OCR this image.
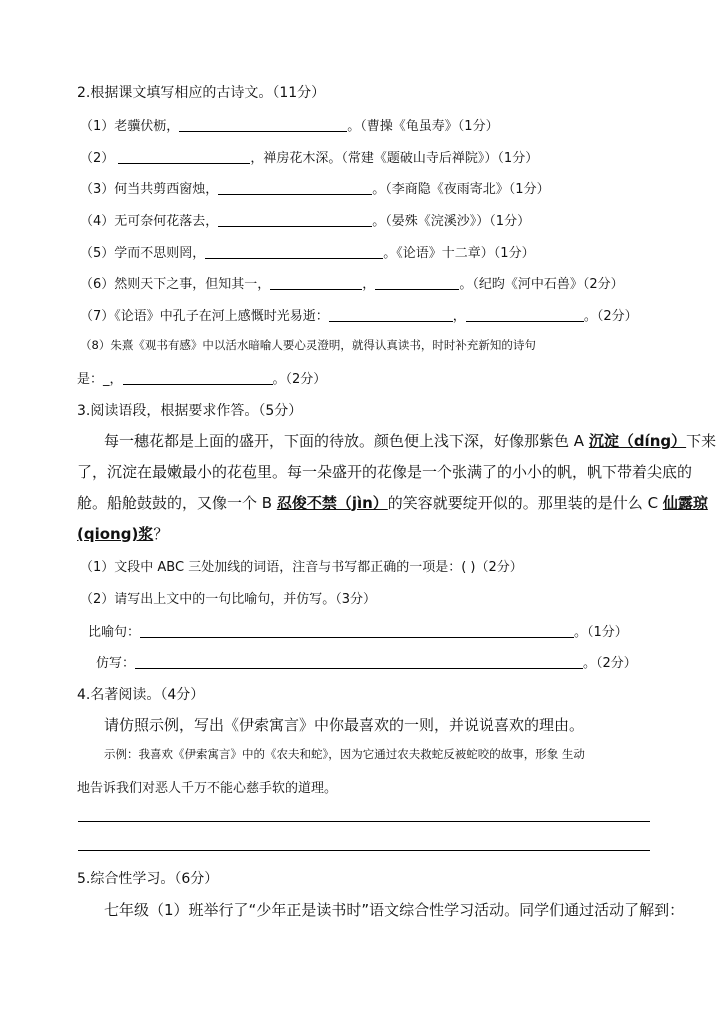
2.根据课文填写相应的古诗文。（11分）
（1）老骥伏枥，	。（曹操《龟虽寿》（1分）
（2）	，禅房花木深。（常建《题破山寺后禅院》）（1分）
（3）何当共剪西窗烛，	。（李商隐《夜雨寄北》（1分）
（4）无可奈何花落去，	。（晏殊《浣溪沙》）（1分）
（5）学而不思则罔，	。《论语》十二章）（1分）
（6）然则天下之事，但知其一，	，	。（纪昀《河中石兽》（2分）
（7）《论语》中孔子在河上感慨时光易逝：	，	。（2分）
（8）朱熹《观书有感》中以活水暗喻人要心灵澄明，就得认真读书，时时补充新知的诗句
是：_，	。（2分）
3.阅读语段，根据要求作答。（5分）
每一穗花都是上面的盛开，下面的待放。颜色便上浅下深，好像那紫色 A 沉淀（díng）下来
了，沉淀在最嫩最小的花苞里。每一朵盛开的花像是一个张满了的小小的帆，帆下带着尖底的
舱。船舱鼓鼓的，又像一个 B 忍俊不禁（jìn）的笑容就要绽开似的。那里装的是什么 C 仙露琼
(qiong)浆？
（1）文段中 ABC 三处加线的词语，注音与书写都正确的一项是：( )（2分）
（2）请写出上文中的一句比喻句，并仿写。（3分）
比喻句：	。（1分）
仿写：	。（2分）
4.名著阅读。（4分）
请仿照示例，写出《伊索寓言》中你最喜欢的一则，并说说喜欢的理由。
示例：我喜欢《伊索寓言》中的《农夫和蛇》，因为它通过农夫救蛇反被蛇咬的故事，形象 生动
地告诉我们对恶人千万不能心慈手软的道理。
5.综合性学习。（6分）
七年级（1）班举行了“少年正是读书时”语文综合性学习活动。同学们通过活动了解到：
